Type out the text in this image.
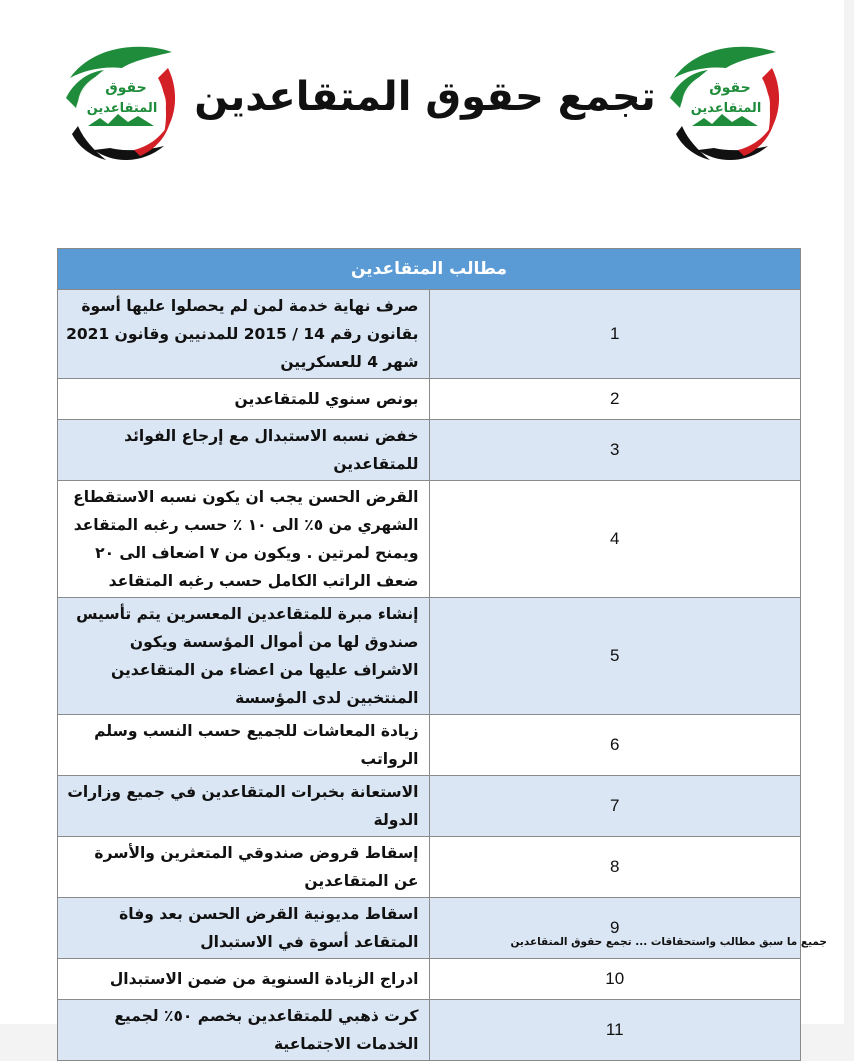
حقوق
المتقاعدين تجمع حقوق المتقاعدين	حقوق
المتقاعدين
مطالب المتقاعدين	
1	صرف نهاية خدمة لمن لم يحصلوا عليها أسوة بقانون رقم 14 / 2015 للمدنيين وقانون 2021 شهر 4 للعسكريين
2	بونص سنوي للمتقاعدين
3	خفض نسبه الاستبدال مع إرجاع الفوائد للمتقاعدين
4	القرض الحسن يجب ان يكون نسبه الاستقطاع الشهري من ٥٪ الى ١٠ ٪ حسب رغبه المتقاعد ويمنح لمرتين . ويكون من ٧ اضعاف الى ٢٠ ضعف الراتب الكامل حسب رغبه المتقاعد
5	إنشاء مبرة للمتقاعدين المعسرين يتم تأسيس صندوق لها من أموال المؤسسة ويكون الاشراف عليها من اعضاء من المتقاعدين المنتخبين لدى المؤسسة
6	زيادة المعاشات للجميع حسب النسب وسلم الرواتب
7	الاستعانة بخبرات المتقاعدين في جميع وزارات الدولة
8	إسقاط قروض صندوقي المتعثرين والأسرة عن المتقاعدين
9	اسقاط مديونية القرض الحسن بعد وفاة المتقاعد أسوة في الاستبدال
10	ادراج الزيادة السنوية من ضمن الاستبدال
11	كرت ذهبي للمتقاعدين بخصم ٥٠٪ لجميع الخدمات الاجتماعية
جميع ما سبق مطالب واستحقاقات ... تجمع حقوق المتقاعدين
